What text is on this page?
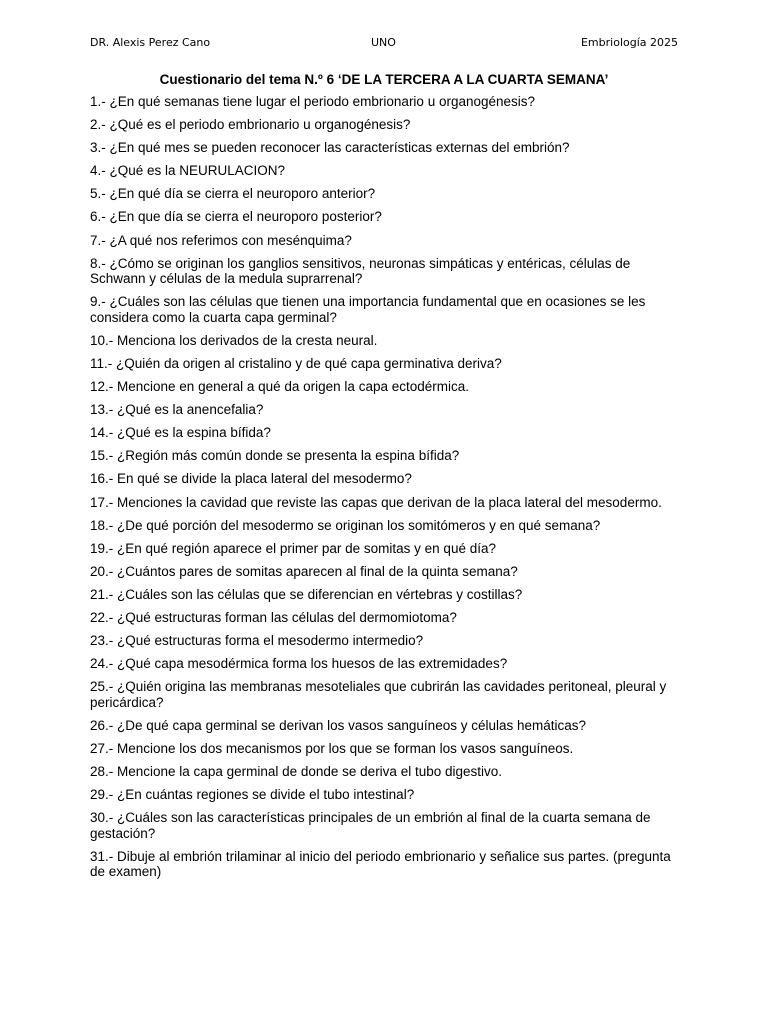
DR. Alexis Perez Cano	UNO	Embriología 2025
Cuestionario del tema N.º 6 ‘DE LA TERCERA A LA CUARTA SEMANA’
1.- ¿En qué semanas tiene lugar el periodo embrionario u organogénesis?
2.- ¿Qué es el periodo embrionario u organogénesis?
3.- ¿En qué mes se pueden reconocer las características externas del embrión?
4.- ¿Qué es la NEURULACION?
5.- ¿En qué día se cierra el neuroporo anterior?
6.- ¿En que día se cierra el neuroporo posterior?
7.- ¿A qué nos referimos con mesénquima?
8.- ¿Cómo se originan los ganglios sensitivos, neuronas simpáticas y entéricas, células de Schwann y células de la medula suprarrenal?
9.- ¿Cuáles son las células que tienen una importancia fundamental que en ocasiones se les considera como la cuarta capa germinal?
10.- Menciona los derivados de la cresta neural.
11.- ¿Quién da origen al cristalino y de qué capa germinativa deriva?
12.- Mencione en general a qué da origen la capa ectodérmica.
13.- ¿Qué es la anencefalia?
14.- ¿Qué es la espina bífida?
15.- ¿Región más común donde se presenta la espina bífida?
16.- En qué se divide la placa lateral del mesodermo?
17.- Menciones la cavidad que reviste las capas que derivan de la placa lateral del mesodermo.
18.- ¿De qué porción del mesodermo se originan los somitómeros y en qué semana?
19.- ¿En qué región aparece el primer par de somitas y en qué día?
20.- ¿Cuántos pares de somitas aparecen al final de la quinta semana?
21.- ¿Cuáles son las células que se diferencian en vértebras y costillas?
22.- ¿Qué estructuras forman las células del dermomiotoma?
23.- ¿Qué estructuras forma el mesodermo intermedio?
24.- ¿Qué capa mesodérmica forma los huesos de las extremidades?
25.- ¿Quién origina las membranas mesoteliales que cubrirán las cavidades peritoneal, pleural y pericárdica?
26.- ¿De qué capa germinal se derivan los vasos sanguíneos y células hemáticas?
27.- Mencione los dos mecanismos por los que se forman los vasos sanguíneos.
28.- Mencione la capa germinal de donde se deriva el tubo digestivo.
29.- ¿En cuántas regiones se divide el tubo intestinal?
30.- ¿Cuáles son las características principales de un embrión al final de la cuarta semana de gestación?
31.- Dibuje al embrión trilaminar al inicio del periodo embrionario y señalice sus partes. (pregunta de examen)
